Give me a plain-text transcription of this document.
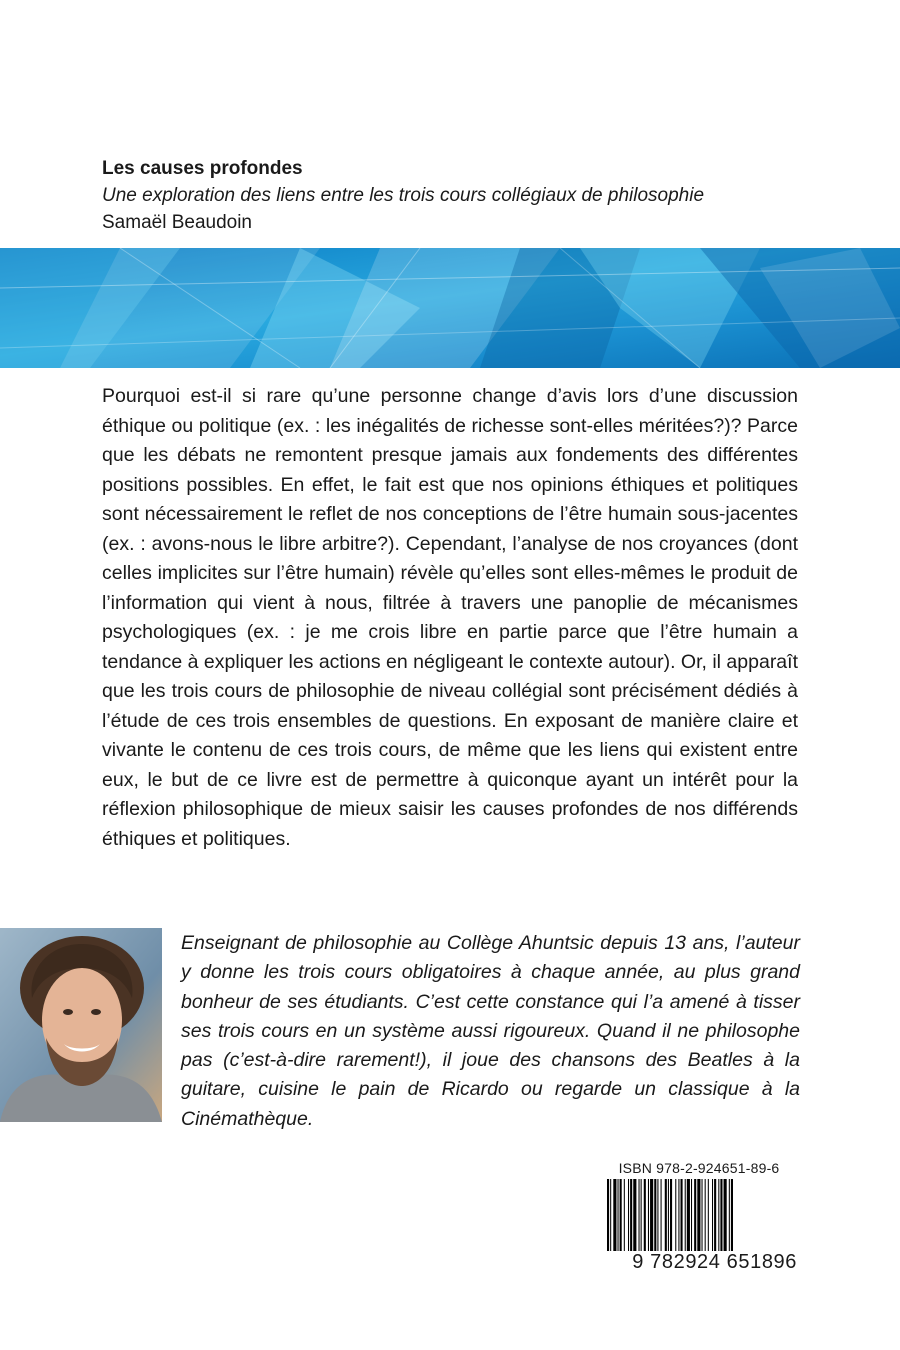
Les causes profondes

Une exploration des liens entre les trois cours collégiaux de philosophie

Samaël Beaudoin

Pourquoi est-il si rare qu’une personne change d’avis lors d’une discussion éthique ou politique (ex. : les inégalités de richesse sont-elles méritées?)? Parce que les débats ne remontent presque jamais aux fondements des différentes positions possibles. En effet, le fait est que nos opinions éthiques et politiques sont nécessairement le reflet de nos conceptions de l’être humain sous-jacentes (ex. : avons-nous le libre arbitre?). Cependant, l’analyse de nos croyances (dont celles implicites sur l’être humain) révèle qu’elles sont elles-mêmes le produit de l’information qui vient à nous, filtrée à travers une panoplie de mécanismes psychologiques (ex. : je me crois libre en partie parce que l’être humain a tendance à expliquer les actions en négligeant le contexte autour). Or, il apparaît que les trois cours de philosophie de niveau collégial sont précisément dédiés à l’étude de ces trois ensembles de questions. En exposant de manière claire et vivante le contenu de ces trois cours, de même que les liens qui existent entre eux, le but de ce livre est de permettre à quiconque ayant un intérêt pour la réflexion philosophique de mieux saisir les causes profondes de nos différends éthiques et politiques.

Enseignant de philosophie au Collège Ahuntsic depuis 13 ans, l’auteur y donne les trois cours obligatoires à chaque année, au plus grand bonheur de ses étudiants. C’est cette constance qui l’a amené à tisser ses trois cours en un système aussi rigoureux. Quand il ne philosophe pas (c’est-à-dire rarement!), il joue des chansons des Beatles à la guitare, cuisine le pain de Ricardo ou regarde un classique à la Cinémathèque.

ISBN 978-2-924651-89-6

9 782924 651896
